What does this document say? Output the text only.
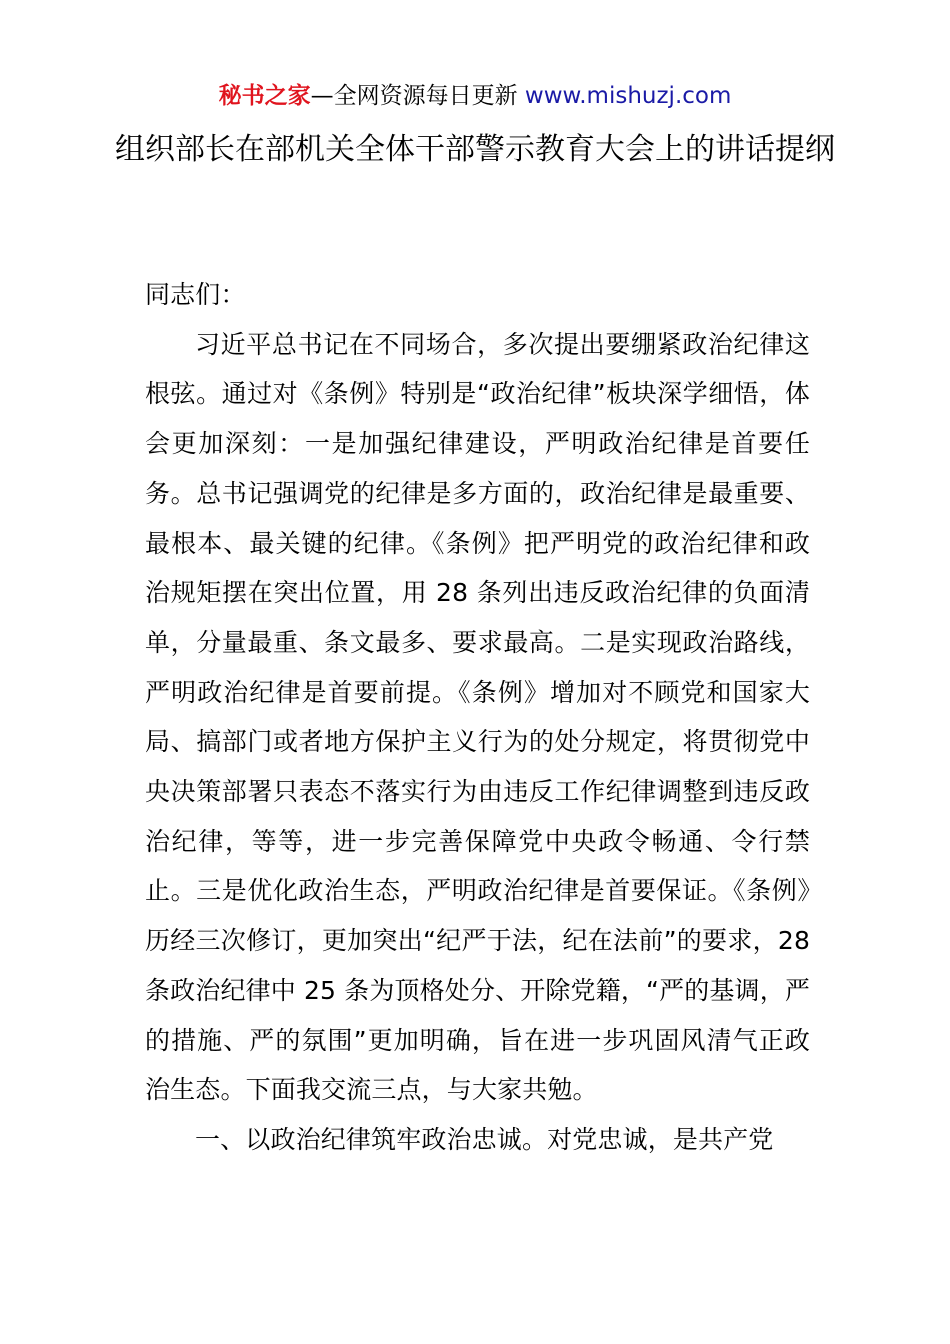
秘书之家—全网资源每日更新 www.mishuzj.com
组织部长在部机关全体干部警示教育大会上的讲话提纲

同志们：

习近平总书记在不同场合，多次提出要绷紧政治纪律这根弦。通过对《条例》特别是“政治纪律”板块深学细悟，体会更加深刻：一是加强纪律建设，严明政治纪律是首要任务。总书记强调党的纪律是多方面的，政治纪律是最重要、最根本、最关键的纪律。《条例》把严明党的政治纪律和政治规矩摆在突出位置，用 28 条列出违反政治纪律的负面清单，分量最重、条文最多、要求最高。二是实现政治路线，严明政治纪律是首要前提。《条例》增加对不顾党和国家大局、搞部门或者地方保护主义行为的处分规定，将贯彻党中央决策部署只表态不落实行为由违反工作纪律调整到违反政治纪律，等等，进一步完善保障党中央政令畅通、令行禁止。三是优化政治生态，严明政治纪律是首要保证。《条例》历经三次修订，更加突出“纪严于法，纪在法前”的要求，28 条政治纪律中 25 条为顶格处分、开除党籍，“严的基调，严的措施、严的氛围”更加明确，旨在进一步巩固风清气正政治生态。下面我交流三点，与大家共勉。

一、以政治纪律筑牢政治忠诚。对党忠诚，是共产党
